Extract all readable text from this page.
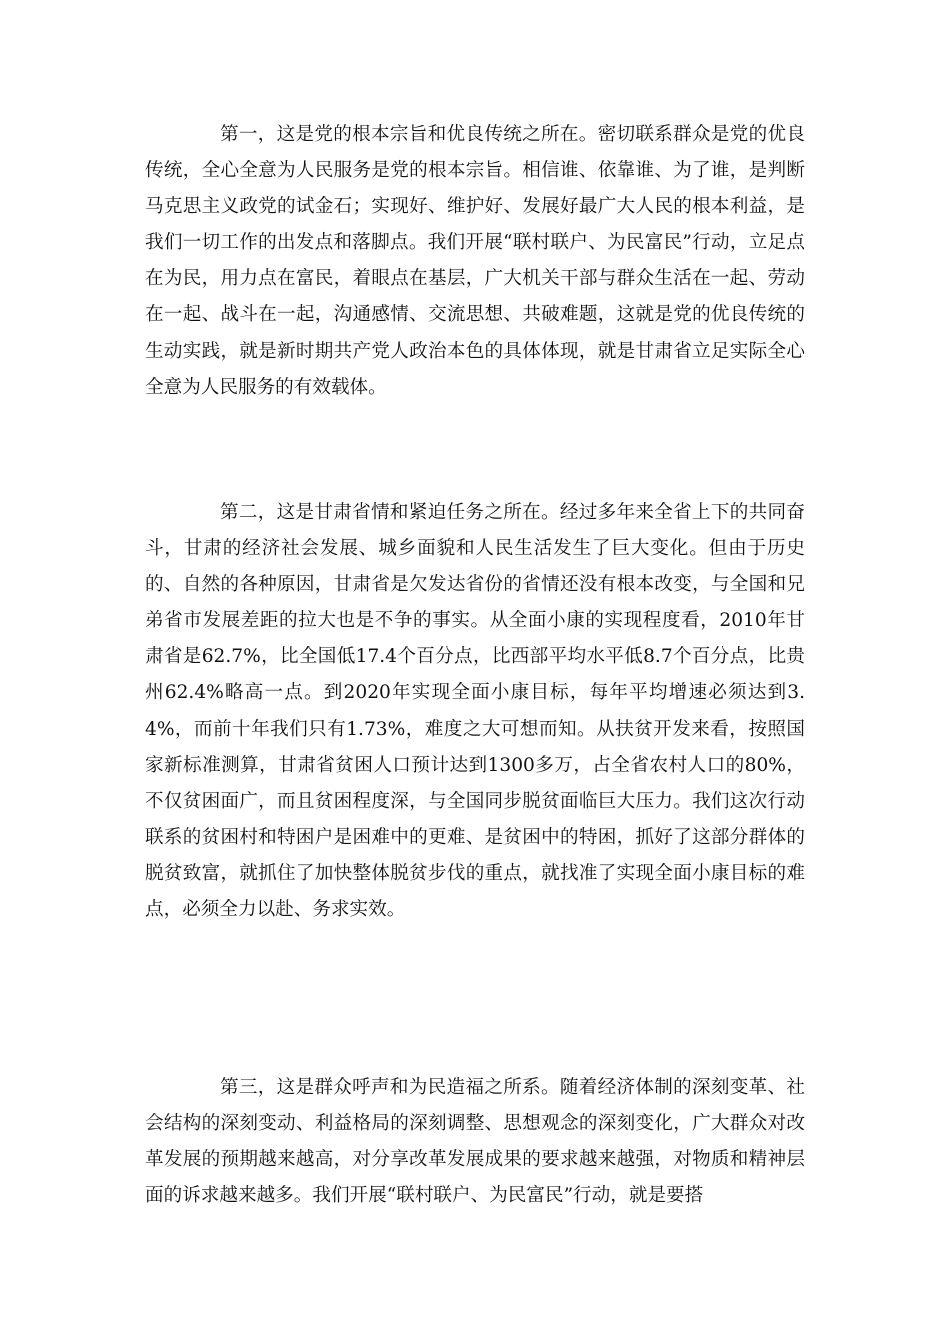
第一，这是党的根本宗旨和优良传统之所在。密切联系群众是党的优良传统，全心全意为人民服务是党的根本宗旨。相信谁、依靠谁、为了谁，是判断马克思主义政党的试金石；实现好、维护好、发展好最广大人民的根本利益，是我们一切工作的出发点和落脚点。我们开展“联村联户、为民富民”行动，立足点在为民，用力点在富民，着眼点在基层，广大机关干部与群众生活在一起、劳动在一起、战斗在一起，沟通感情、交流思想、共破难题，这就是党的优良传统的生动实践，就是新时期共产党人政治本色的具体体现，就是甘肃省立足实际全心全意为人民服务的有效载体。

第二，这是甘肃省情和紧迫任务之所在。经过多年来全省上下的共同奋斗，甘肃的经济社会发展、城乡面貌和人民生活发生了巨大变化。但由于历史的、自然的各种原因，甘肃省是欠发达省份的省情还没有根本改变，与全国和兄弟省市发展差距的拉大也是不争的事实。从全面小康的实现程度看，2010年甘肃省是62.7%，比全国低17.4个百分点，比西部平均水平低8.7个百分点，比贵州62.4%略高一点。到2020年实现全面小康目标，每年平均增速必须达到3.4%，而前十年我们只有1.73%，难度之大可想而知。从扶贫开发来看，按照国家新标准测算，甘肃省贫困人口预计达到1300多万，占全省农村人口的80%，不仅贫困面广，而且贫困程度深，与全国同步脱贫面临巨大压力。我们这次行动联系的贫困村和特困户是困难中的更难、是贫困中的特困，抓好了这部分群体的脱贫致富，就抓住了加快整体脱贫步伐的重点，就找准了实现全面小康目标的难点，必须全力以赴、务求实效。

第三，这是群众呼声和为民造福之所系。随着经济体制的深刻变革、社会结构的深刻变动、利益格局的深刻调整、思想观念的深刻变化，广大群众对改革发展的预期越来越高，对分享改革发展成果的要求越来越强，对物质和精神层面的诉求越来越多。我们开展“联村联户、为民富民”行动，就是要搭
